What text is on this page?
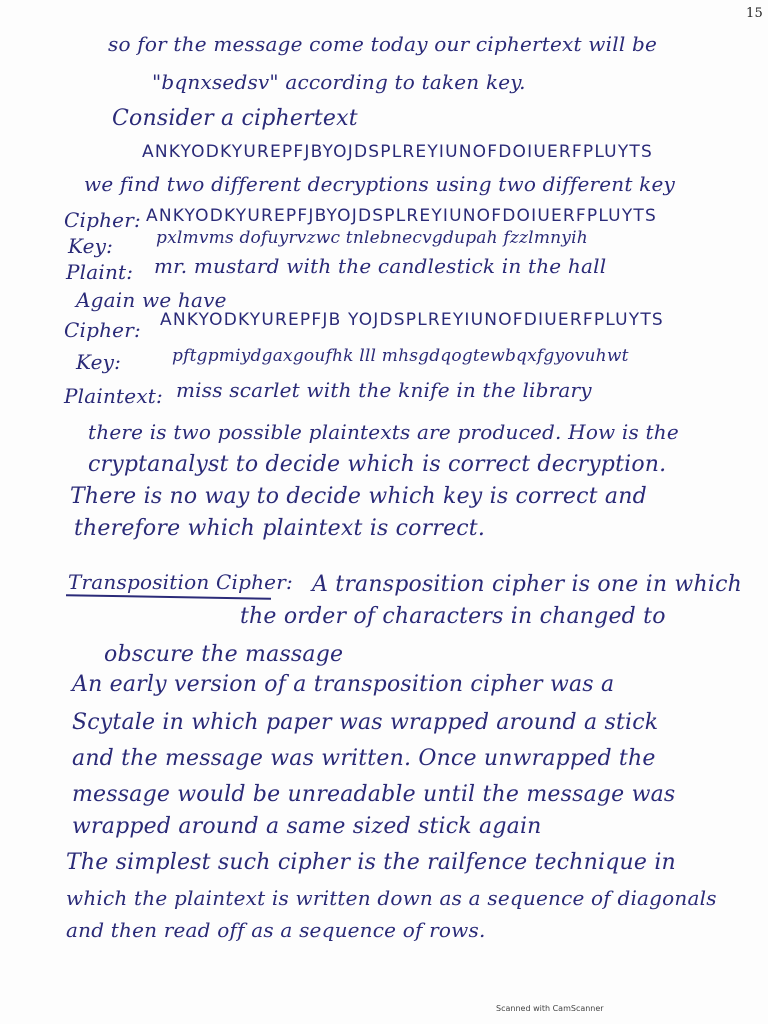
15
so for the message come today our ciphertext will be
"bqnxsedsv" according to taken key.
Consider a ciphertext
ANKYODKYUREPFJBYOJDSPLREYIUNOFDOIUERFPLUYTS
we find two different decryptions using two different key
Cipher: ANKYODKYUREPFJBYOJDSPLREYIUNOFDOIUERFPLUYTS
Key:	pxlmvms dofuyrvzwc tnlebnecvgdupah fzzlmnyih
Plaint: mr. mustard with the candlestick in the hall
Again we have
Cipher: ANKYODKYUREPFJB YOJDSPLREYIUNOFDIUERFPLUYTS
Key:	pftgpmiydgaxgoufhk lll mhsgdqogtewbqxfgyovuhwt
Plaintext: miss scarlet with the knife in the library
there is two possible plaintexts are produced. How is the
cryptanalyst to decide which is correct decryption.
There is no way to decide which key is correct and
therefore which plaintext is correct.
Transposition Cipher: A transposition cipher is one in which
the order of characters in changed to
obscure the massage
An early version of a transposition cipher was a
Scytale in which paper was wrapped around a stick
and the message was written. Once unwrapped the
message would be unreadable until the message was
wrapped around a same sized stick again
The simplest such cipher is the railfence technique in
which the plaintext is written down as a sequence of diagonals
and then read off as a sequence of rows.
Scanned with CamScanner
